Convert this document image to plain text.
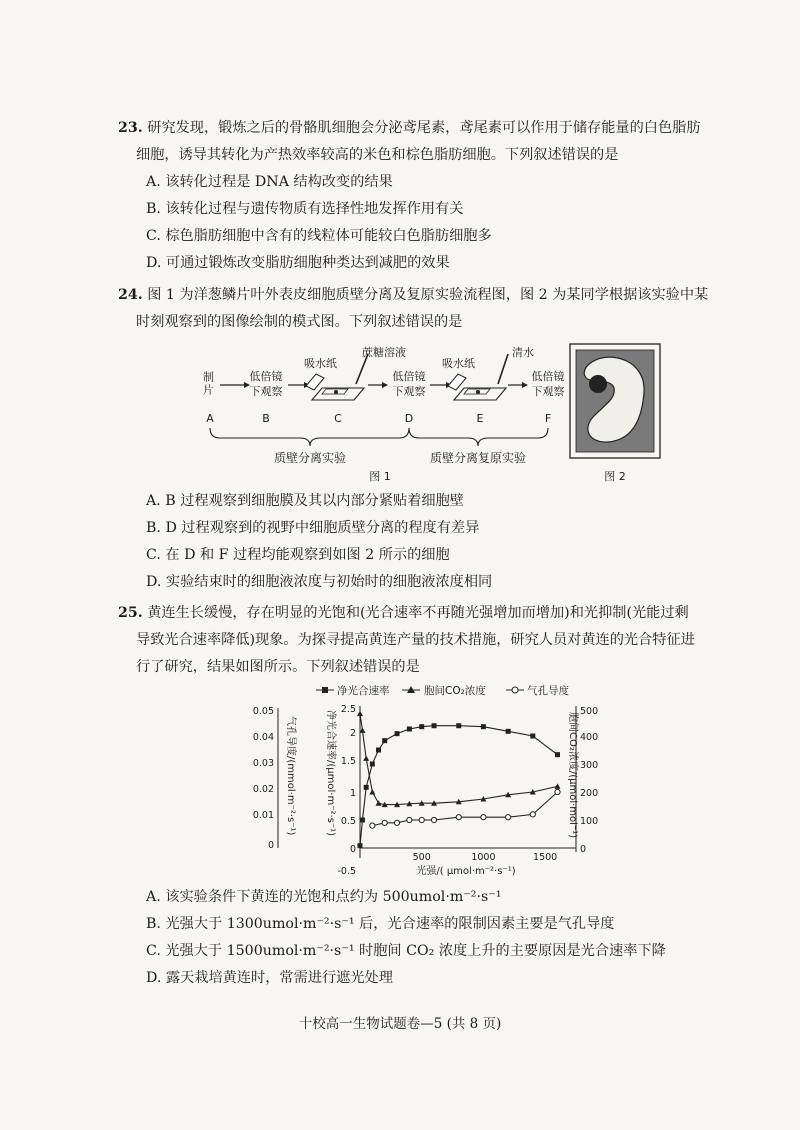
23. 研究发现，锻炼之后的骨骼肌细胞会分泌鸢尾素，鸢尾素可以作用于储存能量的白色脂肪
细胞，诱导其转化为产热效率较高的米色和棕色脂肪细胞。下列叙述错误的是

A. 该转化过程是 DNA 结构改变的结果

B. 该转化过程与遗传物质有选择性地发挥作用有关

C. 棕色脂肪细胞中含有的线粒体可能较白色脂肪细胞多

D. 可通过锻炼改变脂肪细胞种类达到减肥的效果

24. 图 1 为洋葱鳞片叶外表皮细胞质壁分离及复原实验流程图，图 2 为某同学根据该实验中某
时刻观察到的图像绘制的模式图。下列叙述错误的是

制片	低倍镜
下观察
吸水纸
蔗糖溶液
低倍镜
下观察
吸水纸
清水
低倍镜
下观察
A	B	C	D	E	F
质壁分离实验	质壁分离复原实验
图 1	图 2

A. B 过程观察到细胞膜及其以内部分紧贴着细胞壁

B. D 过程观察到的视野中细胞质壁分离的程度有差异

C. 在 D 和 F 过程均能观察到如图 2 所示的细胞

D. 实验结束时的细胞液浓度与初始时的细胞液浓度相同

25. 黄连生长缓慢，存在明显的光饱和(光合速率不再随光强增加而增加)和光抑制(光能过剩
导致光合速率降低)现象。为探寻提高黄连产量的技术措施，研究人员对黄连的光合特征进
行了研究，结果如图所示。下列叙述错误的是

净光合速率	胞间CO₂浓度	气孔导度
0.05
0.04
0.03
0.02
0.01
0
2.5
2
1.5
1
0.5
0
-0.5
500
400
300
200
100
0
气孔导度/(mmol·m⁻²·s⁻¹)	净光合速率/(μmol·m⁻²·s⁻¹)	胞间CO₂浓度/(μmol·mol⁻¹)
500	1000	1500
光强/( μmol·m⁻²·s⁻¹)

A. 该实验条件下黄连的光饱和点约为 500umol·m⁻²·s⁻¹

B. 光强大于 1300umol·m⁻²·s⁻¹ 后，光合速率的限制因素主要是气孔导度

C. 光强大于 1500umol·m⁻²·s⁻¹ 时胞间 CO₂ 浓度上升的主要原因是光合速率下降

D. 露天栽培黄连时，常需进行遮光处理

十校高一生物试题卷—5 (共 8 页)
